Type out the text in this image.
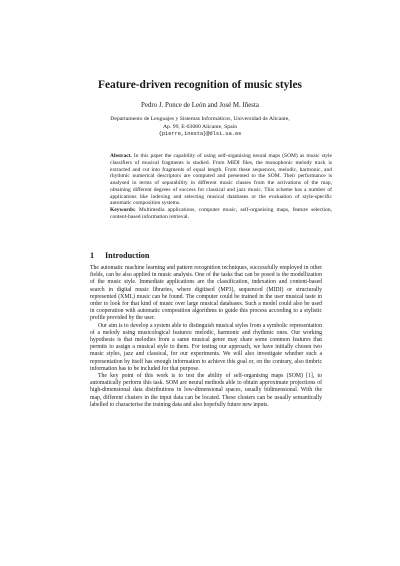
Feature-driven recognition of music styles
Pedro J. Ponce de León and José M. Iñesta
Departamento de Lenguajes y Sistemas Informáticos, Universidad de Alicante,
Ap. 99, E-03080 Alicante, Spain
{pierre,inesta}@dlsi.ua.es
Abstract. In this paper the capability of using self-organising neural maps (SOM) as music style classifiers of musical fragments is studied. From MIDI files, the monophonic melody track is extracted and cut into fragments of equal length. From these sequences, melodic, harmonic, and rhythmic numerical descriptors are computed and presented to the SOM. Their performance is analysed in terms of separability in different music classes from the activations of the map, obtaining different degrees of success for classical and jazz music. This scheme has a number of applications like indexing and selecting musical databases or the evaluation of style-specific automatic composition systems.
Keywords: Multimedia applications, computer music, self-organising maps, feature selection, content-based information retrieval.
1 Introduction

The automatic machine learning and pattern recognition techniques, successfully employed in other fields, can be also applied in music analysis. One of the tasks that can be posed is the modellization of the music style. Immediate applications are the classification, indexation and content-based search in digital music libraries, where digitised (MP3), sequenced (MIDI) or structurally represented (XML) music can be found. The computer could be trained in the user musical taste in order to look for that kind of music over large musical databases. Such a model could also be used in cooperation with automatic composition algorithms to guide this process according to a stylistic profile provided by the user.

Our aim is to develop a system able to distinguish musical styles from a symbolic representation of a melody using musicological features: melodic, harmonic and rhythmic ones. Our working hypothesis is that melodies from a same musical genre may share some common features that permits to assign a musical style to them. For testing our approach, we have initially chosen two music styles, jazz and classical, for our experiments. We will also investigate whether such a representation by itself has enough information to achieve this goal or, on the contrary, also timbric information has to be included for that purpose.

The key point of this work is to test the ability of self-organising maps (SOM) [1], to automatically perform this task. SOM are neural methods able to obtain approximate projections of high-dimensional data distributions in low-dimensional spaces, usually bidimensional. With the map, different clusters in the input data can be located. These clusters can be usually semantically labelled to characterise the training data and also hopefully future new inputs.
